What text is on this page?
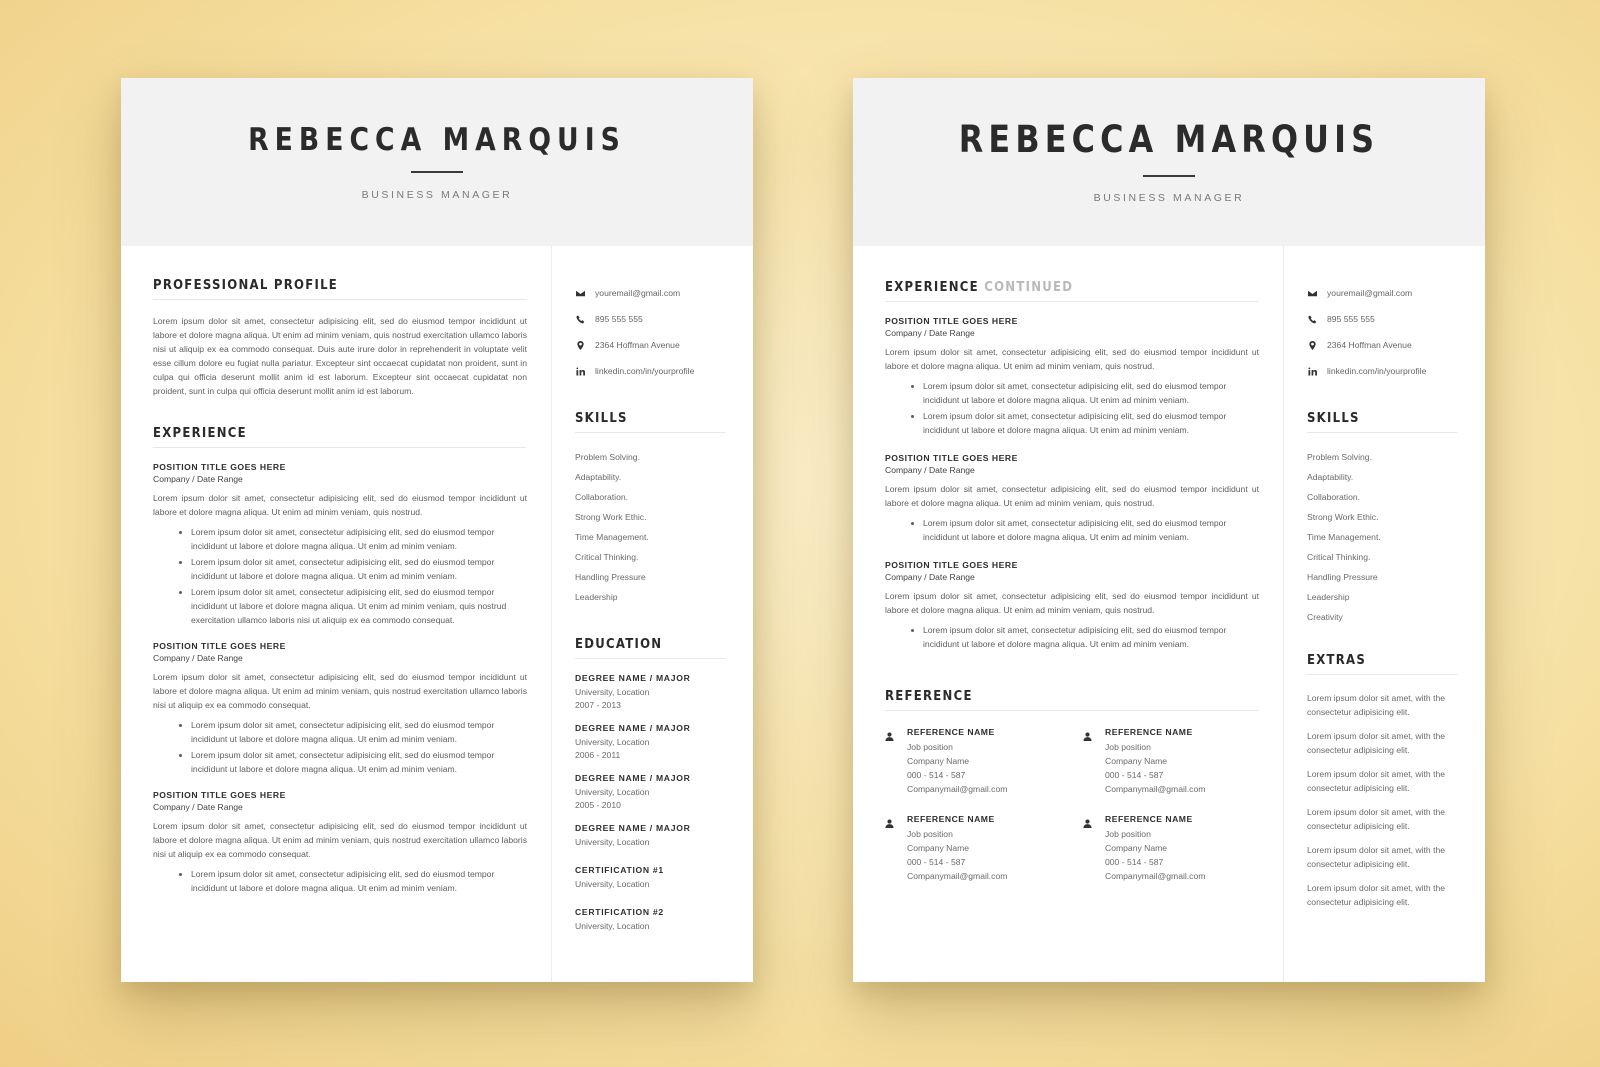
REBECCA MARQUIS
BUSINESS MANAGER
PROFESSIONAL PROFILE

Lorem ipsum dolor sit amet, consectetur adipisicing elit, sed do eiusmod tempor incididunt ut labore et dolore magna aliqua. Ut enim ad minim veniam, quis nostrud exercitation ullamco laboris nisi ut aliquip ex ea commodo consequat. Duis aute irure dolor in reprehenderit in voluptate velit esse cillum dolore eu fugiat nulla pariatur. Excepteur sint occaecat cupidatat non proident, sunt in culpa qui officia deserunt mollit anim id est laborum. Excepteur sint occaecat cupidatat non proident, sunt in culpa qui officia deserunt mollit anim id est laborum.

EXPERIENCE
POSITION TITLE GOES HERE
Company / Date Range

Lorem ipsum dolor sit amet, consectetur adipisicing elit, sed do eiusmod tempor incididunt ut labore et dolore magna aliqua. Ut enim ad minim veniam, quis nostrud.

• Lorem ipsum dolor sit amet, consectetur adipisicing elit, sed do eiusmod tempor incididunt ut labore et dolore magna aliqua. Ut enim ad minim veniam.
• Lorem ipsum dolor sit amet, consectetur adipisicing elit, sed do eiusmod tempor incididunt ut labore et dolore magna aliqua. Ut enim ad minim veniam.
• Lorem ipsum dolor sit amet, consectetur adipisicing elit, sed do eiusmod tempor incididunt ut labore et dolore magna aliqua. Ut enim ad minim veniam, quis nostrud exercitation ullamco laboris nisi ut aliquip ex ea commodo consequat.
POSITION TITLE GOES HERE
Company / Date Range

Lorem ipsum dolor sit amet, consectetur adipisicing elit, sed do eiusmod tempor incididunt ut labore et dolore magna aliqua. Ut enim ad minim veniam, quis nostrud exercitation ullamco laboris nisi ut aliquip ex ea commodo consequat.

• Lorem ipsum dolor sit amet, consectetur adipisicing elit, sed do eiusmod tempor incididunt ut labore et dolore magna aliqua. Ut enim ad minim veniam.
• Lorem ipsum dolor sit amet, consectetur adipisicing elit, sed do eiusmod tempor incididunt ut labore et dolore magna aliqua. Ut enim ad minim veniam.
POSITION TITLE GOES HERE
Company / Date Range

Lorem ipsum dolor sit amet, consectetur adipisicing elit, sed do eiusmod tempor incididunt ut labore et dolore magna aliqua. Ut enim ad minim veniam, quis nostrud exercitation ullamco laboris nisi ut aliquip ex ea commodo consequat.

• Lorem ipsum dolor sit amet, consectetur adipisicing elit, sed do eiusmod tempor incididunt ut labore et dolore magna aliqua. Ut enim ad minim veniam.
youremail@gmail.com
895 555 555
2364 Hoffman Avenue
linkedin.com/in/yourprofile
SKILLS
Problem Solving.
Adaptability.
Collaboration.
Strong Work Ethic.
Time Management.
Critical Thinking.
Handling Pressure
Leadership
EDUCATION
DEGREE NAME / MAJOR
University, Location
2007 - 2013
DEGREE NAME / MAJOR
University, Location
2006 - 2011
DEGREE NAME / MAJOR
University, Location
2005 - 2010
DEGREE NAME / MAJOR
University, Location
CERTIFICATION #1
University, Location
CERTIFICATION #2
University, Location
REBECCA MARQUIS
BUSINESS MANAGER
EXPERIENCE CONTINUED
POSITION TITLE GOES HERE
Company / Date Range

Lorem ipsum dolor sit amet, consectetur adipisicing elit, sed do eiusmod tempor incididunt ut labore et dolore magna aliqua. Ut enim ad minim veniam, quis nostrud.

• Lorem ipsum dolor sit amet, consectetur adipisicing elit, sed do eiusmod tempor incididunt ut labore et dolore magna aliqua. Ut enim ad minim veniam.
• Lorem ipsum dolor sit amet, consectetur adipisicing elit, sed do eiusmod tempor incididunt ut labore et dolore magna aliqua. Ut enim ad minim veniam.
POSITION TITLE GOES HERE
Company / Date Range

Lorem ipsum dolor sit amet, consectetur adipisicing elit, sed do eiusmod tempor incididunt ut labore et dolore magna aliqua. Ut enim ad minim veniam, quis nostrud.

• Lorem ipsum dolor sit amet, consectetur adipisicing elit, sed do eiusmod tempor incididunt ut labore et dolore magna aliqua. Ut enim ad minim veniam.
POSITION TITLE GOES HERE
Company / Date Range

Lorem ipsum dolor sit amet, consectetur adipisicing elit, sed do eiusmod tempor incididunt ut labore et dolore magna aliqua. Ut enim ad minim veniam, quis nostrud.

• Lorem ipsum dolor sit amet, consectetur adipisicing elit, sed do eiusmod tempor incididunt ut labore et dolore magna aliqua. Ut enim ad minim veniam.
REFERENCE
REFERENCE NAME
Job position
Company Name
000 - 514 - 587
Companymail@gmail.com
REFERENCE NAME
Job position
Company Name
000 - 514 - 587
Companymail@gmail.com
REFERENCE NAME
Job position
Company Name
000 - 514 - 587
Companymail@gmail.com
REFERENCE NAME
Job position
Company Name
000 - 514 - 587
Companymail@gmail.com
youremail@gmail.com
895 555 555
2364 Hoffman Avenue
linkedin.com/in/yourprofile
SKILLS
Problem Solving.
Adaptability.
Collaboration.
Strong Work Ethic.
Time Management.
Critical Thinking.
Handling Pressure
Leadership
Creativity
EXTRAS
Lorem ipsum dolor sit amet, with the consectetur adipisicing elit.
Lorem ipsum dolor sit amet, with the consectetur adipisicing elit.
Lorem ipsum dolor sit amet, with the consectetur adipisicing elit.
Lorem ipsum dolor sit amet, with the consectetur adipisicing elit.
Lorem ipsum dolor sit amet, with the consectetur adipisicing elit.
Lorem ipsum dolor sit amet, with the consectetur adipisicing elit.
